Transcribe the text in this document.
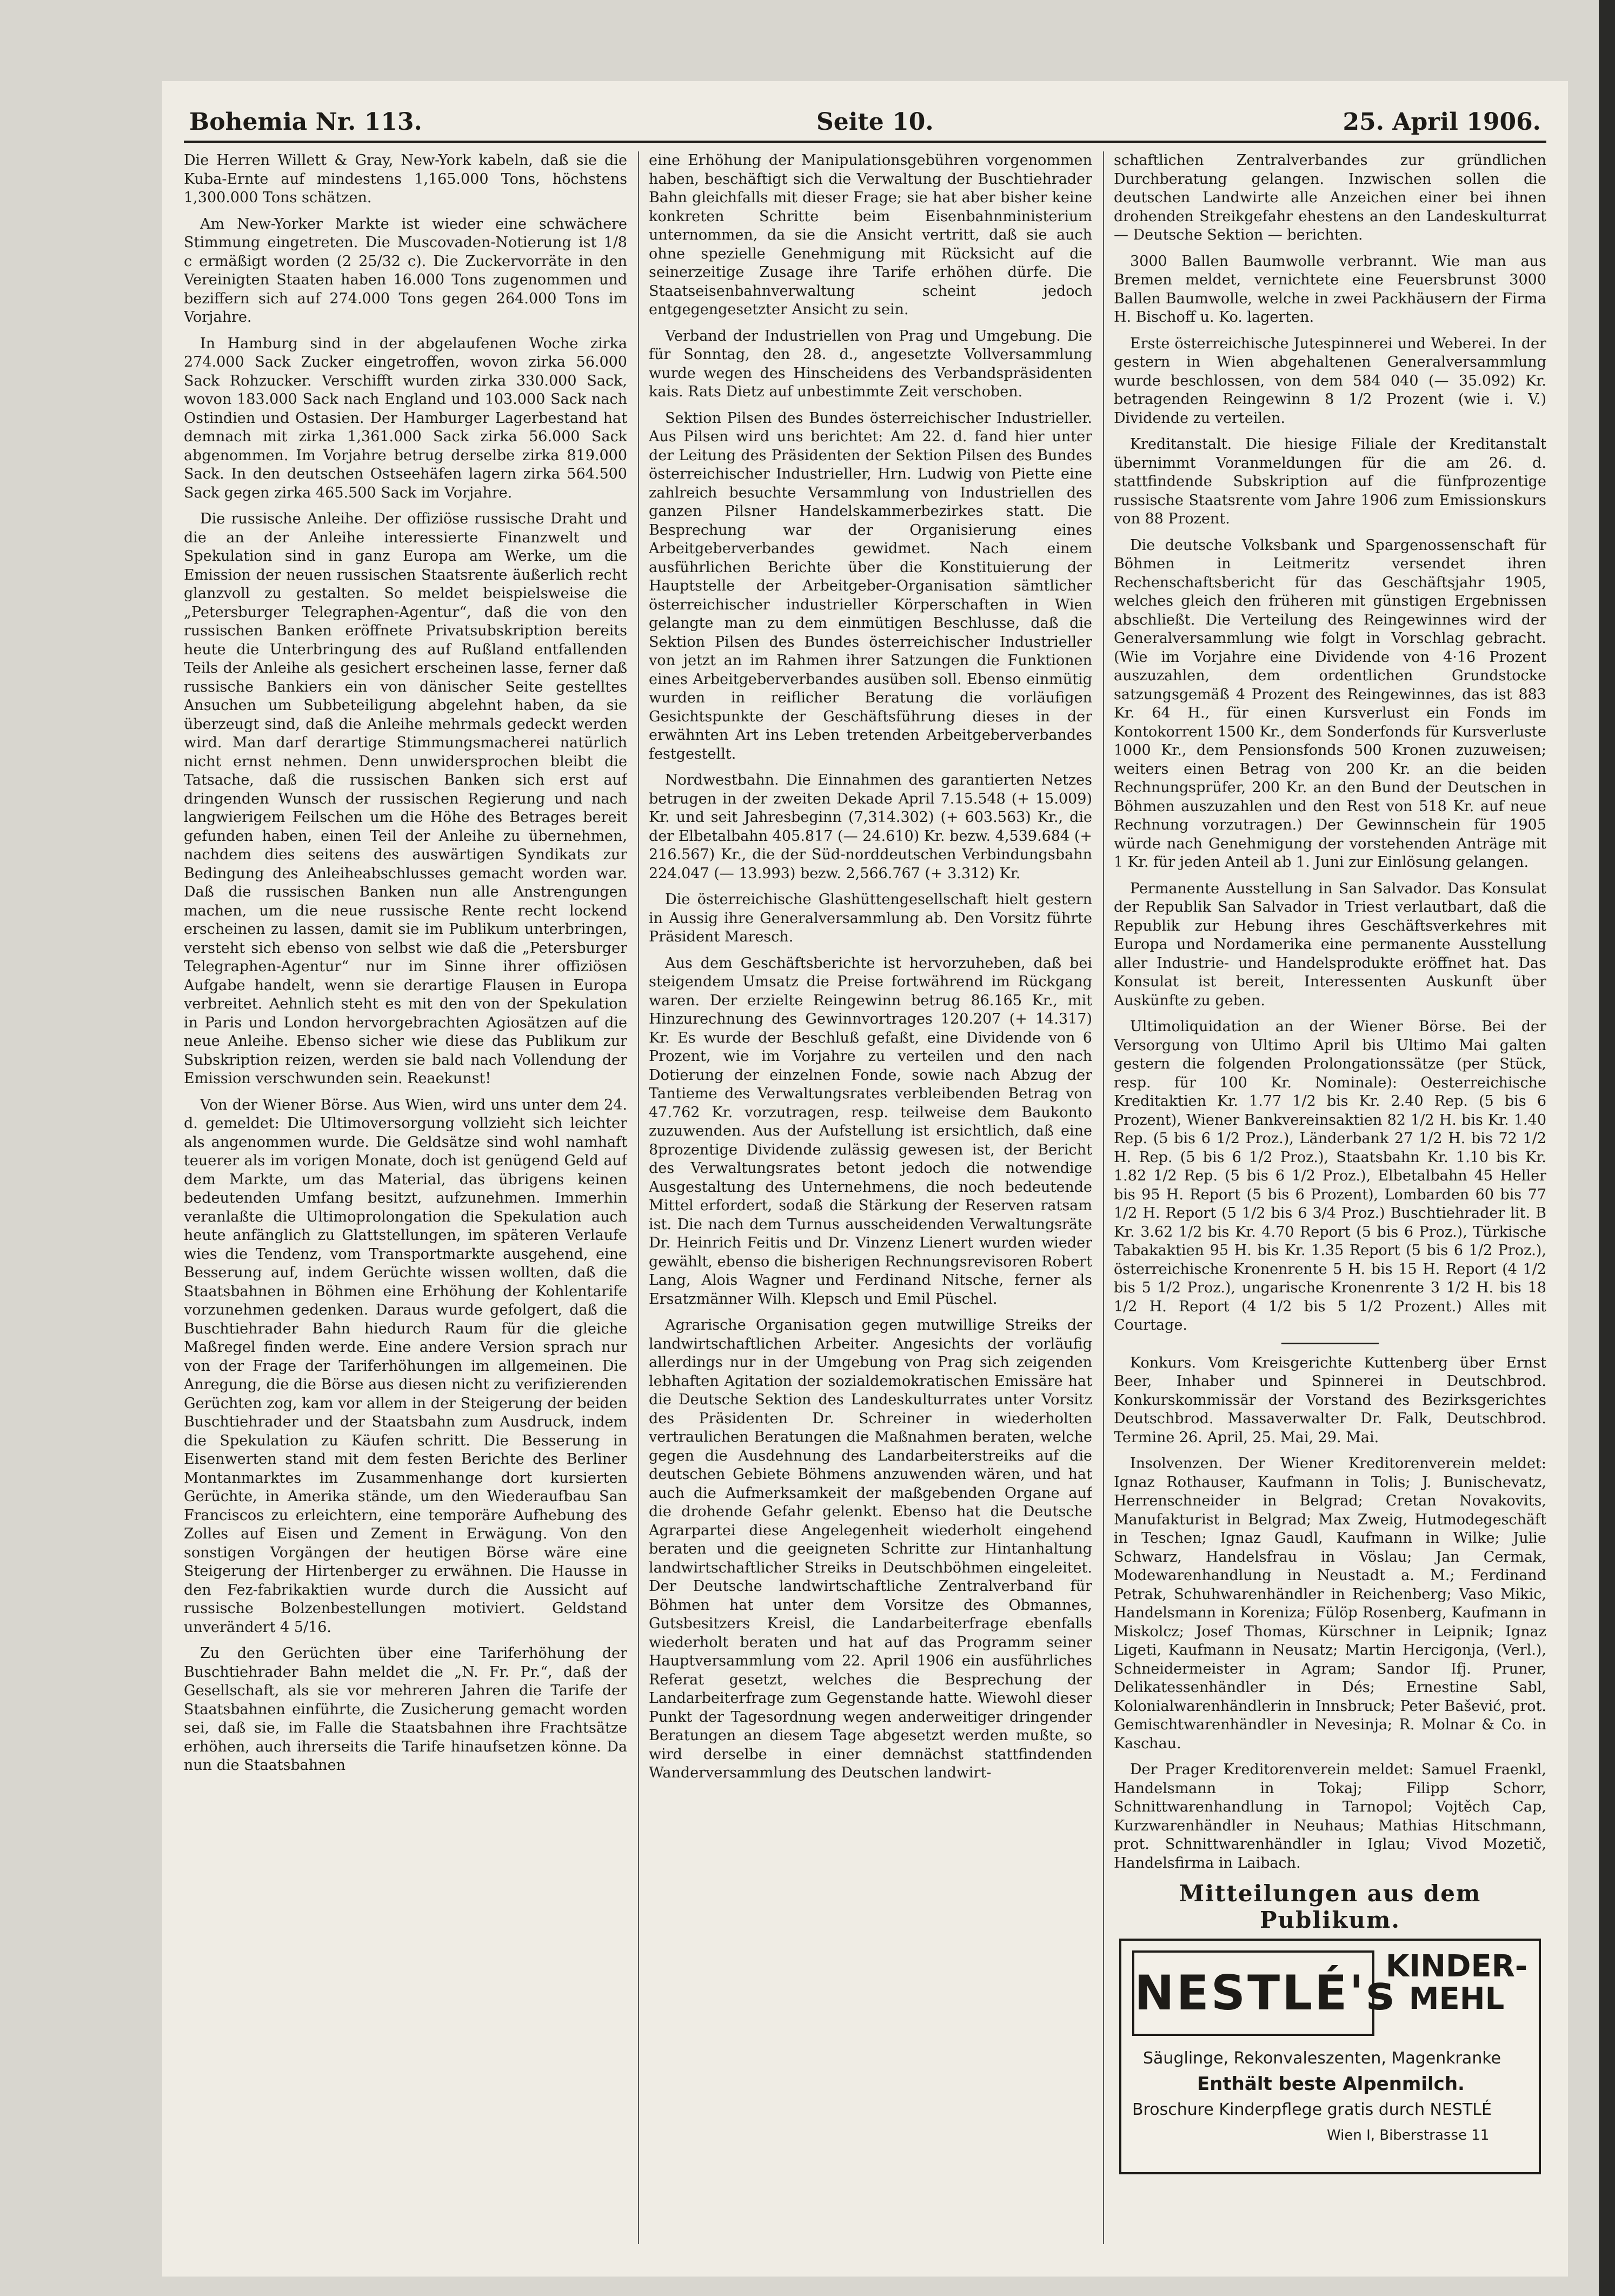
Bohemia Nr. 113.	Seite 10.	25. April 1906.

Die Herren Willett & Gray, New-York kabeln, daß sie die Kuba-Ernte auf mindestens 1,165.000 Tons, höchstens 1,300.000 Tons schätzen.

Am New-Yorker Markte ist wieder eine schwächere Stimmung eingetreten. Die Muscovaden-Notierung ist 1/8 c ermäßigt worden (2 25/32 c). Die Zuckervorräte in den Vereinigten Staaten haben 16.000 Tons zugenommen und beziffern sich auf 274.000 Tons gegen 264.000 Tons im Vorjahre.

In Hamburg sind in der abgelaufenen Woche zirka 274.000 Sack Zucker eingetroffen, wovon zirka 56.000 Sack Rohzucker. Verschifft wurden zirka 330.000 Sack, wovon 183.000 Sack nach England und 103.000 Sack nach Ostindien und Ostasien. Der Hamburger Lagerbestand hat demnach mit zirka 1,361.000 Sack zirka 56.000 Sack abgenommen. Im Vorjahre betrug derselbe zirka 819.000 Sack. In den deutschen Ostseehäfen lagern zirka 564.500 Sack gegen zirka 465.500 Sack im Vorjahre.

Die russische Anleihe. Der offiziöse russische Draht und die an der Anleihe interessierte Finanzwelt und Spekulation sind in ganz Europa am Werke, um die Emission der neuen russischen Staatsrente äußerlich recht glanzvoll zu gestalten. So meldet beispielsweise die „Petersburger Telegraphen-Agentur“, daß die von den russischen Banken eröffnete Privatsubskription bereits heute die Unterbringung des auf Rußland entfallenden Teils der Anleihe als gesichert erscheinen lasse, ferner daß russische Bankiers ein von dänischer Seite gestelltes Ansuchen um Subbeteiligung abgelehnt haben, da sie überzeugt sind, daß die Anleihe mehrmals gedeckt werden wird. Man darf derartige Stimmungsmacherei natürlich nicht ernst nehmen. Denn unwidersprochen bleibt die Tatsache, daß die russischen Banken sich erst auf dringenden Wunsch der russischen Regierung und nach langwierigem Feilschen um die Höhe des Betrages bereit gefunden haben, einen Teil der Anleihe zu übernehmen, nachdem dies seitens des auswärtigen Syndikats zur Bedingung des Anleiheabschlusses gemacht worden war. Daß die russischen Banken nun alle Anstrengungen machen, um die neue russische Rente recht lockend erscheinen zu lassen, damit sie im Publikum unterbringen, versteht sich ebenso von selbst wie daß die „Petersburger Telegraphen-Agentur“ nur im Sinne ihrer offiziösen Aufgabe handelt, wenn sie derartige Flausen in Europa verbreitet. Aehnlich steht es mit den von der Spekulation in Paris und London hervorgebrachten Agiosätzen auf die neue Anleihe. Ebenso sicher wie diese das Publikum zur Subskription reizen, werden sie bald nach Vollendung der Emission verschwunden sein. Reaekunst!

Von der Wiener Börse. Aus Wien, wird uns unter dem 24. d. gemeldet: Die Ultimoversorgung vollzieht sich leichter als angenommen wurde. Die Geldsätze sind wohl namhaft teuerer als im vorigen Monate, doch ist genügend Geld auf dem Markte, um das Material, das übrigens keinen bedeutenden Umfang besitzt, aufzunehmen. Immerhin veranlaßte die Ultimoprolongation die Spekulation auch heute anfänglich zu Glattstellungen, im späteren Verlaufe wies die Tendenz, vom Transportmarkte ausgehend, eine Besserung auf, indem Gerüchte wissen wollten, daß die Staatsbahnen in Böhmen eine Erhöhung der Kohlentarife vorzunehmen gedenken. Daraus wurde gefolgert, daß die Buschtiehrader Bahn hiedurch Raum für die gleiche Maßregel finden werde. Eine andere Version sprach nur von der Frage der Tariferhöhungen im allgemeinen. Die Anregung, die die Börse aus diesen nicht zu verifizierenden Gerüchten zog, kam vor allem in der Steigerung der beiden Buschtiehrader und der Staatsbahn zum Ausdruck, indem die Spekulation zu Käufen schritt. Die Besserung in Eisenwerten stand mit dem festen Berichte des Berliner Montanmarktes im Zusammenhange dort kursierten Gerüchte, in Amerika stände, um den Wiederaufbau San Franciscos zu erleichtern, eine temporäre Aufhebung des Zolles auf Eisen und Zement in Erwägung. Von den sonstigen Vorgängen der heutigen Börse wäre eine Steigerung der Hirtenberger zu erwähnen. Die Hausse in den Fez-fabrikaktien wurde durch die Aussicht auf russische Bolzenbestellungen motiviert. Geldstand unverändert 4 5/16.

Zu den Gerüchten über eine Tariferhöhung der Buschtiehrader Bahn meldet die „N. Fr. Pr.“, daß der Gesellschaft, als sie vor mehreren Jahren die Tarife der Staatsbahnen einführte, die Zusicherung gemacht worden sei, daß sie, im Falle die Staatsbahnen ihre Frachtsätze erhöhen, auch ihrerseits die Tarife hinaufsetzen könne. Da nun die Staatsbahnen

eine Erhöhung der Manipulationsgebühren vorgenommen haben, beschäftigt sich die Verwaltung der Buschtiehrader Bahn gleichfalls mit dieser Frage; sie hat aber bisher keine konkreten Schritte beim Eisenbahnministerium unternommen, da sie die Ansicht vertritt, daß sie auch ohne spezielle Genehmigung mit Rücksicht auf die seinerzeitige Zusage ihre Tarife erhöhen dürfe. Die Staatseisenbahnverwaltung scheint jedoch entgegengesetzter Ansicht zu sein.

Verband der Industriellen von Prag und Umgebung. Die für Sonntag, den 28. d., angesetzte Vollversammlung wurde wegen des Hinscheidens des Verbandspräsidenten kais. Rats Dietz auf unbestimmte Zeit verschoben.

Sektion Pilsen des Bundes österreichischer Industrieller. Aus Pilsen wird uns berichtet: Am 22. d. fand hier unter der Leitung des Präsidenten der Sektion Pilsen des Bundes österreichischer Industrieller, Hrn. Ludwig von Piette eine zahlreich besuchte Versammlung von Industriellen des ganzen Pilsner Handelskammerbezirkes statt. Die Besprechung war der Organisierung eines Arbeitgeberverbandes gewidmet. Nach einem ausführlichen Berichte über die Konstituierung der Hauptstelle der Arbeitgeber-Organisation sämtlicher österreichischer industrieller Körperschaften in Wien gelangte man zu dem einmütigen Beschlusse, daß die Sektion Pilsen des Bundes österreichischer Industrieller von jetzt an im Rahmen ihrer Satzungen die Funktionen eines Arbeitgeberverbandes ausüben soll. Ebenso einmütig wurden in reiflicher Beratung die vorläufigen Gesichtspunkte der Geschäftsführung dieses in der erwähnten Art ins Leben tretenden Arbeitgeberverbandes festgestellt.

Nordwestbahn. Die Einnahmen des garantierten Netzes betrugen in der zweiten Dekade April 7.15.548 (+ 15.009) Kr. und seit Jahresbeginn (7,314.302) (+ 603.563) Kr., die der Elbetalbahn 405.817 (— 24.610) Kr. bezw. 4,539.684 (+ 216.567) Kr., die der Süd-norddeutschen Verbindungsbahn 224.047 (— 13.993) bezw. 2,566.767 (+ 3.312) Kr.

Die österreichische Glashüttengesellschaft hielt gestern in Aussig ihre Generalversammlung ab. Den Vorsitz führte Präsident Maresch.

Aus dem Geschäftsberichte ist hervorzuheben, daß bei steigendem Umsatz die Preise fortwährend im Rückgang waren. Der erzielte Reingewinn betrug 86.165 Kr., mit Hinzurechnung des Gewinnvortrages 120.207 (+ 14.317) Kr. Es wurde der Beschluß gefaßt, eine Dividende von 6 Prozent, wie im Vorjahre zu verteilen und den nach Dotierung der einzelnen Fonde, sowie nach Abzug der Tantieme des Verwaltungsrates verbleibenden Betrag von 47.762 Kr. vorzutragen, resp. teilweise dem Baukonto zuzuwenden. Aus der Aufstellung ist ersichtlich, daß eine 8prozentige Dividende zulässig gewesen ist, der Bericht des Verwaltungsrates betont jedoch die notwendige Ausgestaltung des Unternehmens, die noch bedeutende Mittel erfordert, sodaß die Stärkung der Reserven ratsam ist. Die nach dem Turnus ausscheidenden Verwaltungsräte Dr. Heinrich Feitis und Dr. Vinzenz Lienert wurden wieder gewählt, ebenso die bisherigen Rechnungsrevisoren Robert Lang, Alois Wagner und Ferdinand Nitsche, ferner als Ersatzmänner Wilh. Klepsch und Emil Püschel.

Agrarische Organisation gegen mutwillige Streiks der landwirtschaftlichen Arbeiter. Angesichts der vorläufig allerdings nur in der Umgebung von Prag sich zeigenden lebhaften Agitation der sozialdemokratischen Emissäre hat die Deutsche Sektion des Landeskulturrates unter Vorsitz des Präsidenten Dr. Schreiner in wiederholten vertraulichen Beratungen die Maßnahmen beraten, welche gegen die Ausdehnung des Landarbeiterstreiks auf die deutschen Gebiete Böhmens anzuwenden wären, und hat auch die Aufmerksamkeit der maßgebenden Organe auf die drohende Gefahr gelenkt. Ebenso hat die Deutsche Agrarpartei diese Angelegenheit wiederholt eingehend beraten und die geeigneten Schritte zur Hintanhaltung landwirtschaftlicher Streiks in Deutschböhmen eingeleitet. Der Deutsche landwirtschaftliche Zentralverband für Böhmen hat unter dem Vorsitze des Obmannes, Gutsbesitzers Kreisl, die Landarbeiterfrage ebenfalls wiederholt beraten und hat auf das Programm seiner Hauptversammlung vom 22. April 1906 ein ausführliches Referat gesetzt, welches die Besprechung der Landarbeiterfrage zum Gegenstande hatte. Wiewohl dieser Punkt der Tagesordnung wegen anderweitiger dringender Beratungen an diesem Tage abgesetzt werden mußte, so wird derselbe in einer demnächst stattfindenden Wanderversammlung des Deutschen landwirt-

schaftlichen Zentralverbandes zur gründlichen Durchberatung gelangen. Inzwischen sollen die deutschen Landwirte alle Anzeichen einer bei ihnen drohenden Streikgefahr ehestens an den Landeskulturrat — Deutsche Sektion — berichten.

3000 Ballen Baumwolle verbrannt. Wie man aus Bremen meldet, vernichtete eine Feuersbrunst 3000 Ballen Baumwolle, welche in zwei Packhäusern der Firma H. Bischoff u. Ko. lagerten.

Erste österreichische Jutespinnerei und Weberei. In der gestern in Wien abgehaltenen Generalversammlung wurde beschlossen, von dem 584 040 (— 35.092) Kr. betragenden Reingewinn 8 1/2 Prozent (wie i. V.) Dividende zu verteilen.

Kreditanstalt. Die hiesige Filiale der Kreditanstalt übernimmt Voranmeldungen für die am 26. d. stattfindende Subskription auf die fünfprozentige russische Staatsrente vom Jahre 1906 zum Emissionskurs von 88 Prozent.

Die deutsche Volksbank und Spargenossenschaft für Böhmen in Leitmeritz versendet ihren Rechenschaftsbericht für das Geschäftsjahr 1905, welches gleich den früheren mit günstigen Ergebnissen abschließt. Die Verteilung des Reingewinnes wird der Generalversammlung wie folgt in Vorschlag gebracht. (Wie im Vorjahre eine Dividende von 4·16 Prozent auszuzahlen, dem ordentlichen Grundstocke satzungsgemäß 4 Prozent des Reingewinnes, das ist 883 Kr. 64 H., für einen Kursverlust ein Fonds im Kontokorrent 1500 Kr., dem Sonderfonds für Kursverluste 1000 Kr., dem Pensionsfonds 500 Kronen zuzuweisen; weiters einen Betrag von 200 Kr. an die beiden Rechnungsprüfer, 200 Kr. an den Bund der Deutschen in Böhmen auszuzahlen und den Rest von 518 Kr. auf neue Rechnung vorzutragen.) Der Gewinnschein für 1905 würde nach Genehmigung der vorstehenden Anträge mit 1 Kr. für jeden Anteil ab 1. Juni zur Einlösung gelangen.

Permanente Ausstellung in San Salvador. Das Konsulat der Republik San Salvador in Triest verlautbart, daß die Republik zur Hebung ihres Geschäftsverkehres mit Europa und Nordamerika eine permanente Ausstellung aller Industrie- und Handelsprodukte eröffnet hat. Das Konsulat ist bereit, Interessenten Auskunft über Auskünfte zu geben.

Ultimoliquidation an der Wiener Börse. Bei der Versorgung von Ultimo April bis Ultimo Mai galten gestern die folgenden Prolongationssätze (per Stück, resp. für 100 Kr. Nominale): Oesterreichische Kreditaktien Kr. 1.77 1/2 bis Kr. 2.40 Rep. (5 bis 6 Prozent), Wiener Bankvereinsaktien 82 1/2 H. bis Kr. 1.40 Rep. (5 bis 6 1/2 Proz.), Länderbank 27 1/2 H. bis 72 1/2 H. Rep. (5 bis 6 1/2 Proz.), Staatsbahn Kr. 1.10 bis Kr. 1.82 1/2 Rep. (5 bis 6 1/2 Proz.), Elbetalbahn 45 Heller bis 95 H. Report (5 bis 6 Prozent), Lombarden 60 bis 77 1/2 H. Report (5 1/2 bis 6 3/4 Proz.) Buschtiehrader lit. B Kr. 3.62 1/2 bis Kr. 4.70 Report (5 bis 6 Proz.), Türkische Tabakaktien 95 H. bis Kr. 1.35 Report (5 bis 6 1/2 Proz.), österreichische Kronenrente 5 H. bis 15 H. Report (4 1/2 bis 5 1/2 Proz.), ungarische Kronenrente 3 1/2 H. bis 18 1/2 H. Report (4 1/2 bis 5 1/2 Prozent.) Alles mit Courtage.

Konkurs. Vom Kreisgerichte Kuttenberg über Ernst Beer, Inhaber und Spinnerei in Deutschbrod. Konkurskommissär der Vorstand des Bezirksgerichtes Deutschbrod. Massaverwalter Dr. Falk, Deutschbrod. Termine 26. April, 25. Mai, 29. Mai.

Insolvenzen. Der Wiener Kreditorenverein meldet: Ignaz Rothauser, Kaufmann in Tolis; J. Bunischevatz, Herrenschneider in Belgrad; Cretan Novakovits, Manufakturist in Belgrad; Max Zweig, Hutmodegeschäft in Teschen; Ignaz Gaudl, Kaufmann in Wilke; Julie Schwarz, Handelsfrau in Vöslau; Jan Cermak, Modewarenhandlung in Neustadt a. M.; Ferdinand Petrak, Schuhwarenhändler in Reichenberg; Vaso Mikic, Handelsmann in Koreniza; Fülöp Rosenberg, Kaufmann in Miskolcz; Josef Thomas, Kürschner in Leipnik; Ignaz Ligeti, Kaufmann in Neusatz; Martin Hercigonja, (Verl.), Schneidermeister in Agram; Sandor Ifj. Pruner, Delikatessenhändler in Dés; Ernestine Sabl, Kolonialwarenhändlerin in Innsbruck; Peter Bašević, prot. Gemischtwarenhändler in Nevesinja; R. Molnar & Co. in Kaschau.

Der Prager Kreditorenverein meldet: Samuel Fraenkl, Handelsmann in Tokaj; Filipp Schorr, Schnittwarenhandlung in Tarnopol; Vojtěch Cap, Kurzwarenhändler in Neuhaus; Mathias Hitschmann, prot. Schnittwarenhändler in Iglau; Vivod Mozetič, Handelsfirma in Laibach.

Mitteilungen aus dem Publikum.
NESTLÉ's
KINDER-MEHL
Säuglinge, Rekonvaleszenten, Magenkranke
Enthält beste Alpenmilch.
Broschure Kinderpflege gratis durch NESTLÉ
Wien I, Biberstrasse 11
